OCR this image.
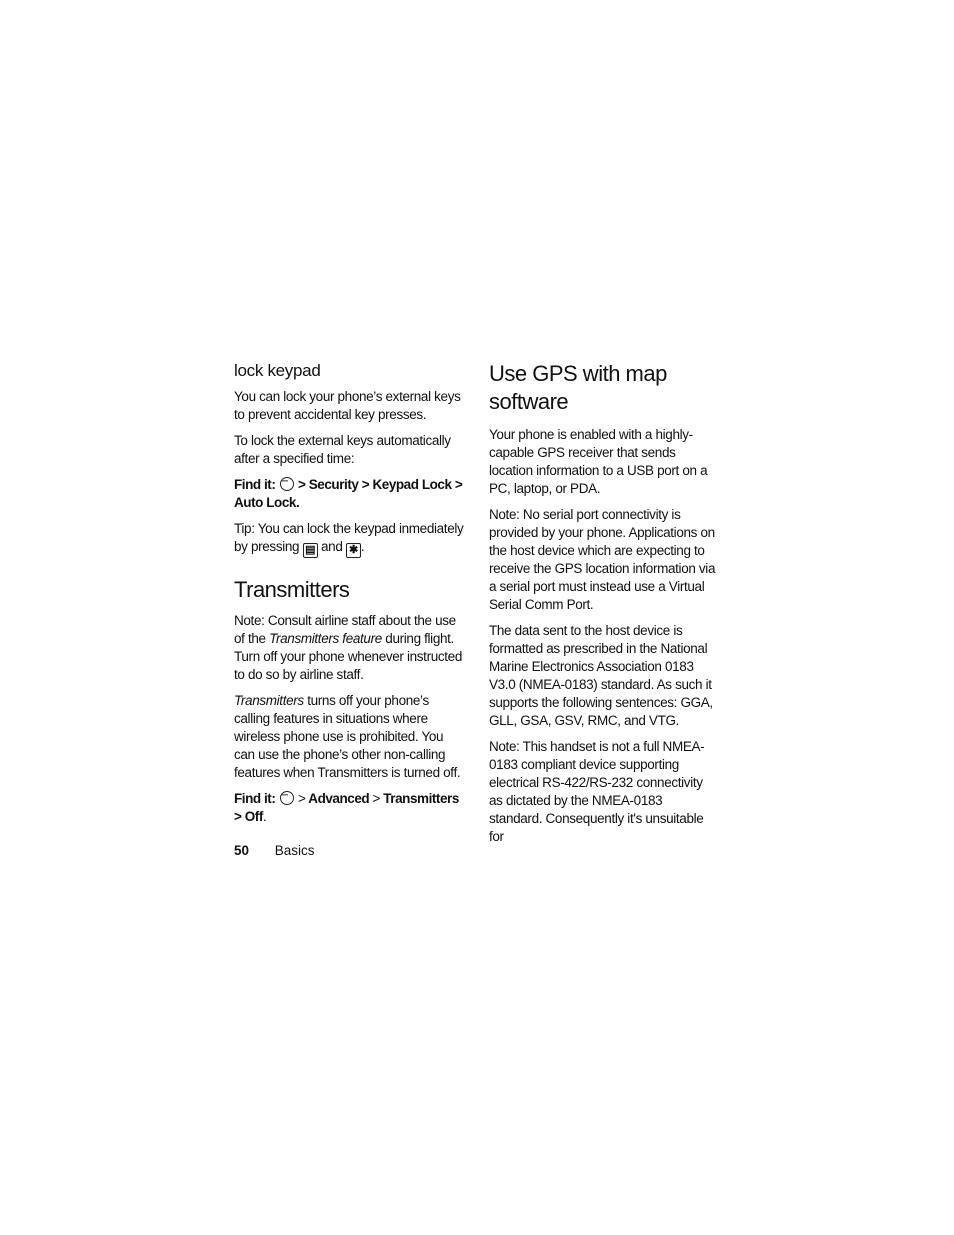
lock keypad

You can lock your phone’s external keys to prevent accidental key presses.

To lock the external keys automatically after a specified time:

Find it: ··· > Security > Keypad Lock > Auto Lock.

Tip: You can lock the keypad inmediately by pressing ▤ and ✱ .

Transmitters

Note: Consult airline staff about the use of the Transmitters feature during flight. Turn off your phone whenever instructed to do so by airline staff.

Transmitters turns off your phone’s calling features in situations where wireless phone use is prohibited. You can use the phone’s other non-calling features when Transmitters is turned off.

Find it: ··· > Advanced > Transmitters > Off.

Use GPS with map software

Your phone is enabled with a highly-capable GPS receiver that sends location information to a USB port on a PC, laptop, or PDA.

Note: No serial port connectivity is provided by your phone. Applications on the host device which are expecting to receive the GPS location information via a serial port must instead use a Virtual Serial Comm Port.

The data sent to the host device is formatted as prescribed in the National Marine Electronics Association 0183 V3.0 (NMEA-0183) standard. As such it supports the following sentences: GGA, GLL, GSA, GSV, RMC, and VTG.

Note: This handset is not a full NMEA-0183 compliant device supporting electrical RS-422/RS-232 connectivity as dictated by the NMEA-0183 standard. Consequently it's unsuitable for

50 Basics
